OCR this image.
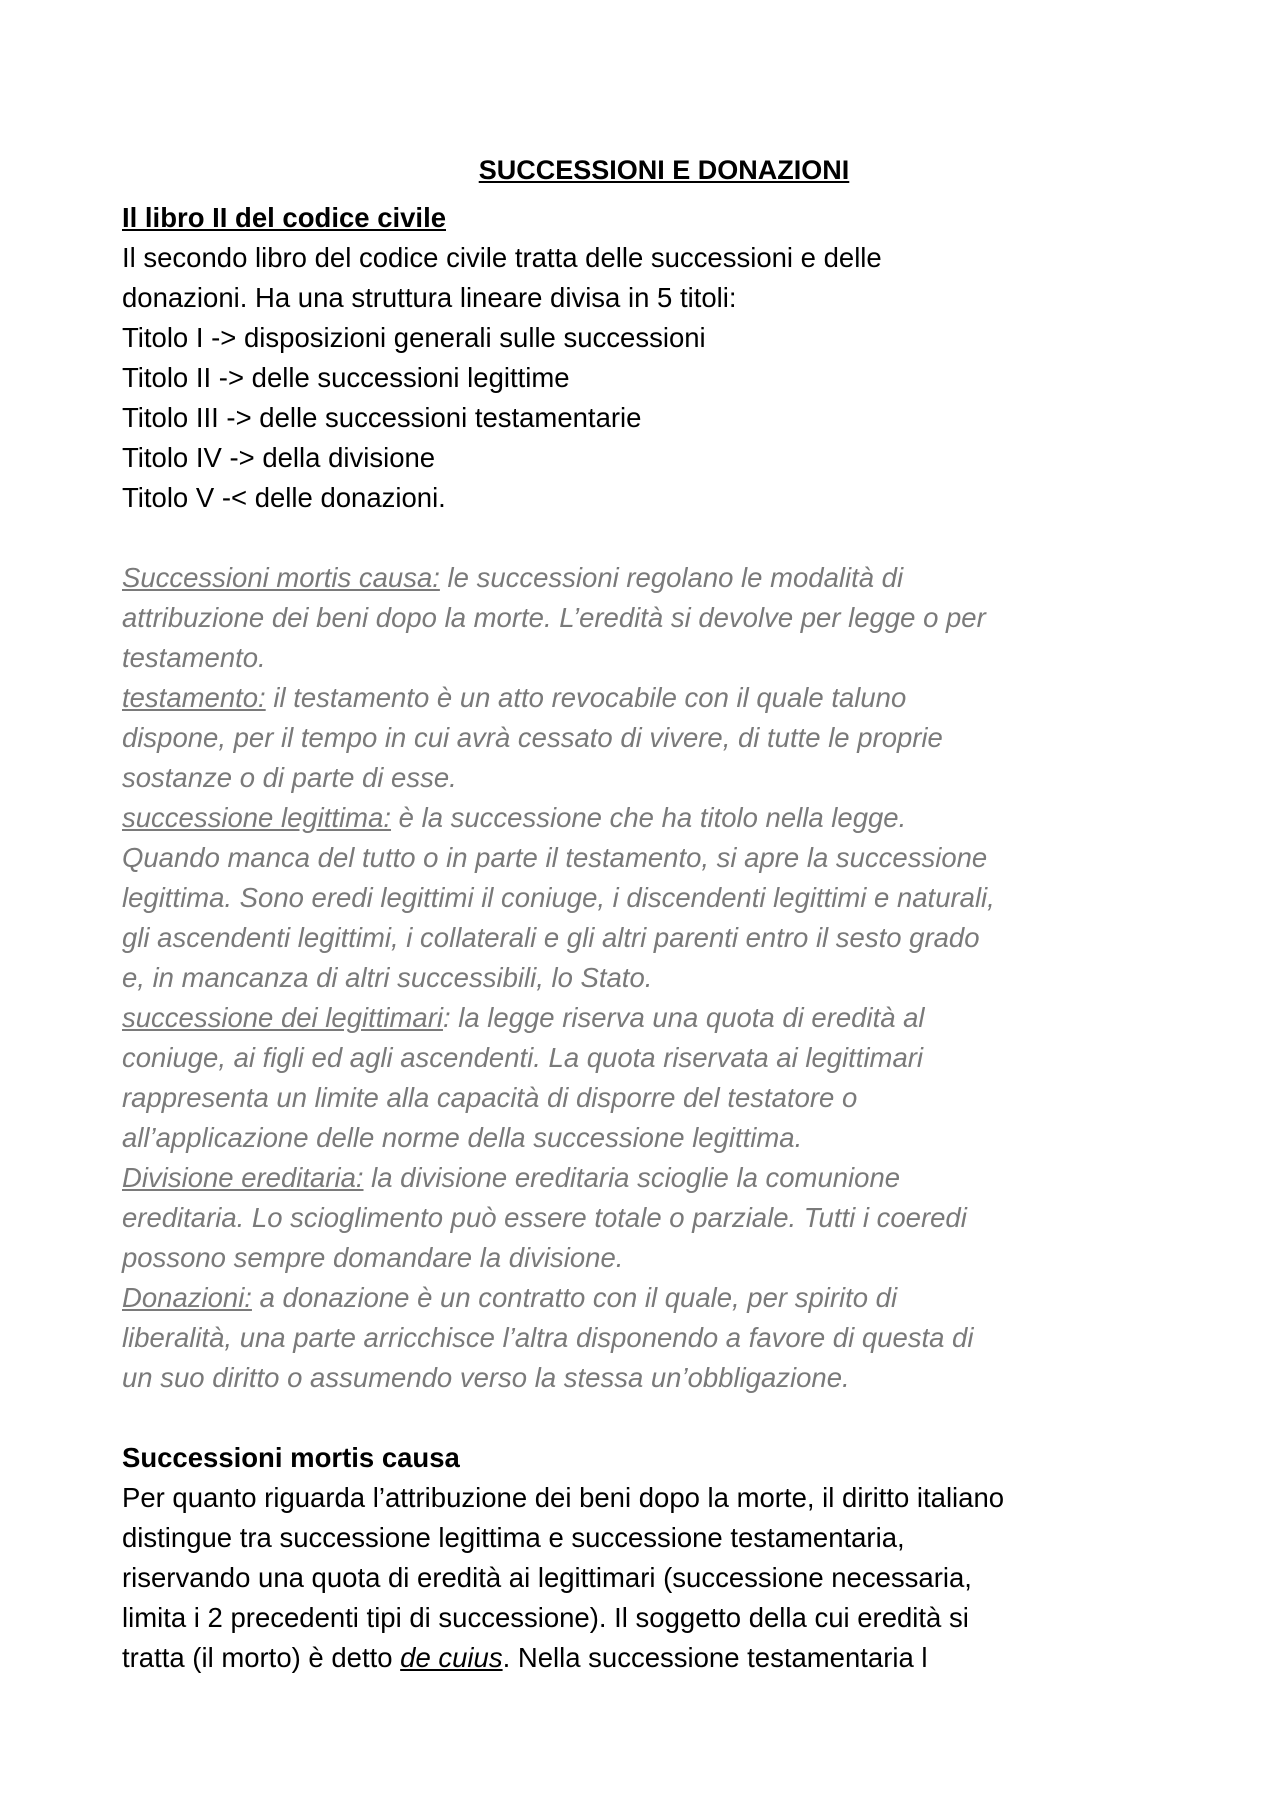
SUCCESSIONI E DONAZIONI

Il libro II del codice civile

Il secondo libro del codice civile tratta delle successioni e delle

donazioni. Ha una struttura lineare divisa in 5 titoli:

Titolo I -> disposizioni generali sulle successioni

Titolo II -> delle successioni legittime

Titolo III -> delle successioni testamentarie

Titolo IV -> della divisione

Titolo V -< delle donazioni.

Successioni mortis causa: le successioni regolano le modalità di

attribuzione dei beni dopo la morte. L’eredità si devolve per legge o per

testamento.

testamento: il testamento è un atto revocabile con il quale taluno

dispone, per il tempo in cui avrà cessato di vivere, di tutte le proprie

sostanze o di parte di esse.

successione legittima: è la successione che ha titolo nella legge.

Quando manca del tutto o in parte il testamento, si apre la successione

legittima. Sono eredi legittimi il coniuge, i discendenti legittimi e naturali,

gli ascendenti legittimi, i collaterali e gli altri parenti entro il sesto grado

e, in mancanza di altri successibili, lo Stato.

successione dei legittimari: la legge riserva una quota di eredità al

coniuge, ai figli ed agli ascendenti. La quota riservata ai legittimari

rappresenta un limite alla capacità di disporre del testatore o

all’applicazione delle norme della successione legittima.

Divisione ereditaria: la divisione ereditaria scioglie la comunione

ereditaria. Lo scioglimento può essere totale o parziale. Tutti i coeredi

possono sempre domandare la divisione.

Donazioni: a donazione è un contratto con il quale, per spirito di

liberalità, una parte arricchisce l’altra disponendo a favore di questa di

un suo diritto o assumendo verso la stessa un’obbligazione.

Successioni mortis causa

Per quanto riguarda l’attribuzione dei beni dopo la morte, il diritto italiano

distingue tra successione legittima e successione testamentaria,

riservando una quota di eredità ai legittimari (successione necessaria,

limita i 2 precedenti tipi di successione). Il soggetto della cui eredità si

tratta (il morto) è detto de cuius. Nella successione testamentaria l
